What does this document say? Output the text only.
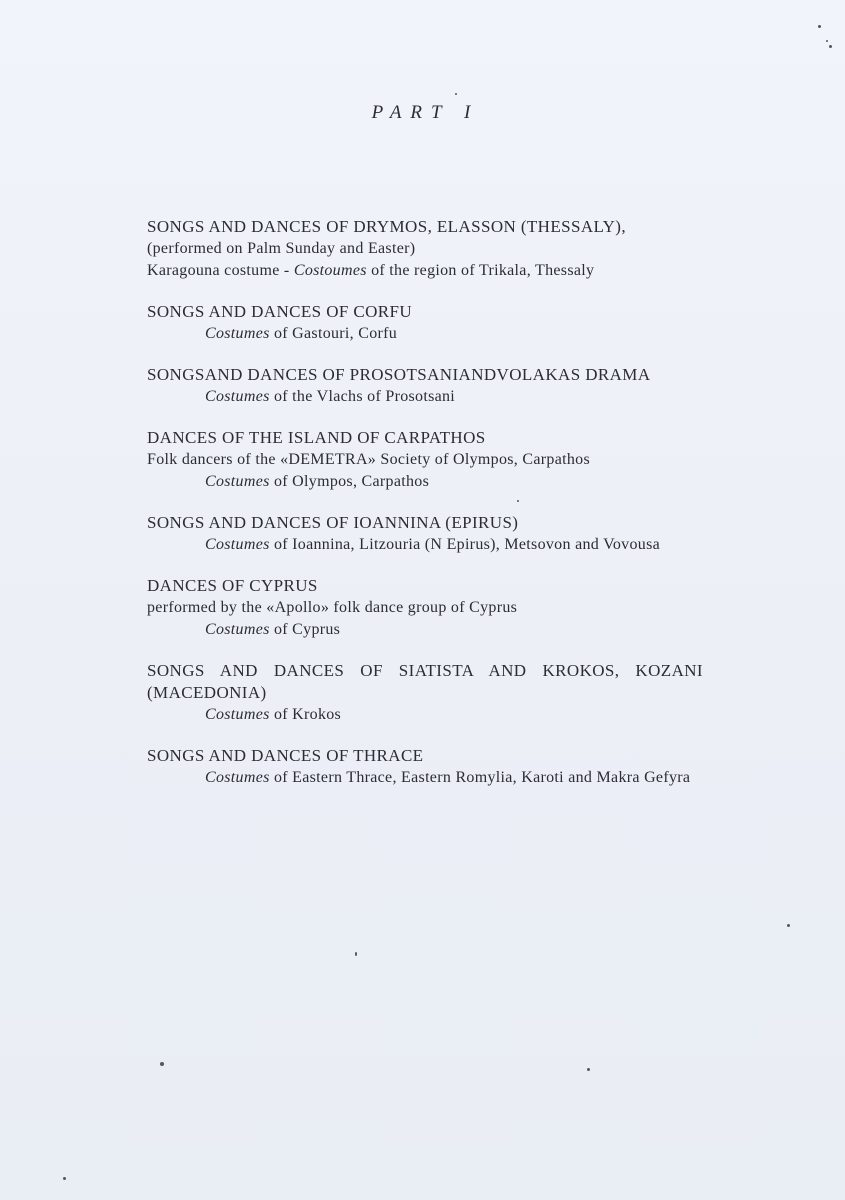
PART I
SONGS AND DANCES OF DRYMOS, ELASSON (THESSALY),
(performed on Palm Sunday and Easter)
Karagouna costume - Costoumes of the region of Trikala, Thessaly
SONGS AND DANCES OF CORFU
Costumes of Gastouri, Corfu
SONGSAND DANCES OF PROSOTSANIANDVOLAKAS DRAMA
Costumes of the Vlachs of Prosotsani
DANCES OF THE ISLAND OF CARPATHOS
Folk dancers of the «DEMETRA» Society of Olympos, Carpathos
Costumes of Olympos, Carpathos
SONGS AND DANCES OF IOANNINA (EPIRUS)
Costumes of Ioannina, Litzouria (N Epirus), Metsovon and Vovousa
DANCES OF CYPRUS
performed by the «Apollo» folk dance group of Cyprus
Costumes of Cyprus
SONGS AND DANCES OF SIATISTA AND KROKOS, KOZANI (MACEDONIA)
Costumes of Krokos
SONGS AND DANCES OF THRACE
Costumes of Eastern Thrace, Eastern Romylia, Karoti and Makra Gefyra
